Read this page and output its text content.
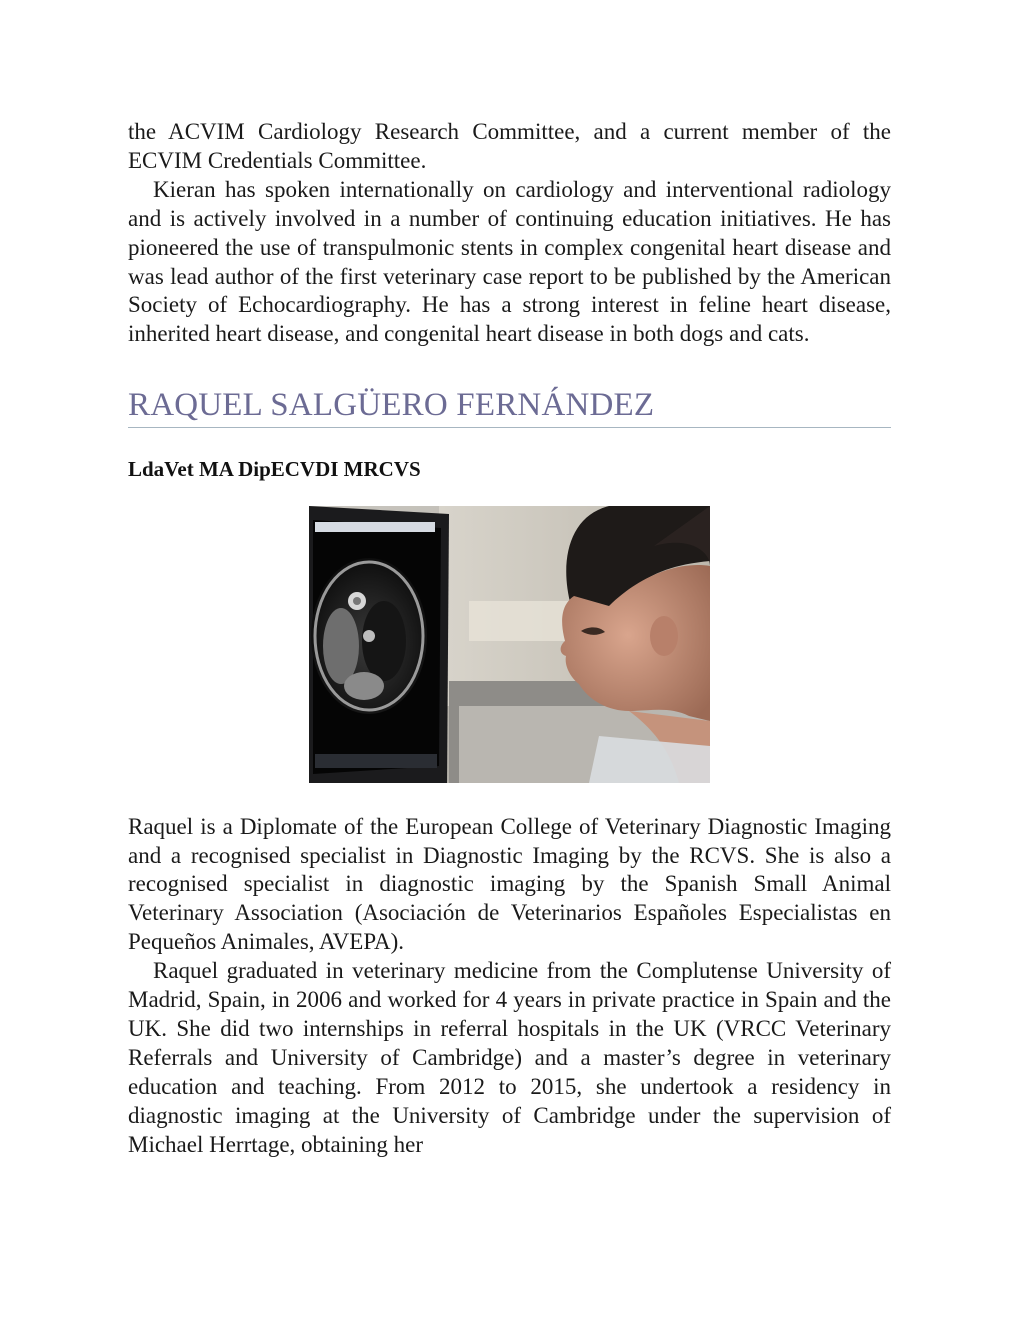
the ACVIM Cardiology Research Committee, and a current member of the ECVIM Credentials Committee.

Kieran has spoken internationally on cardiology and interventional radiology and is actively involved in a number of continuing education initiatives. He has pioneered the use of transpulmonic stents in complex congenital heart disease and was lead author of the first veterinary case report to be published by the American Society of Echocardiography. He has a strong interest in feline heart disease, inherited heart disease, and congenital heart disease in both dogs and cats.

RAQUEL SALGÜERO FERNÁNDEZ
LdaVet MA DipECVDI MRCVS

Raquel is a Diplomate of the European College of Veterinary Diagnostic Imaging and a recognised specialist in Diagnostic Imaging by the RCVS. She is also a recognised specialist in diagnostic imaging by the Spanish Small Animal Veterinary Association (Asociación de Veterinarios Españoles Especialistas en Pequeños Animales, AVEPA).

Raquel graduated in veterinary medicine from the Complutense University of Madrid, Spain, in 2006 and worked for 4 years in private practice in Spain and the UK. She did two internships in referral hospitals in the UK (VRCC Veterinary Referrals and University of Cambridge) and a master’s degree in veterinary education and teaching. From 2012 to 2015, she undertook a residency in diagnostic imaging at the University of Cambridge under the supervision of Michael Herrtage, obtaining her
